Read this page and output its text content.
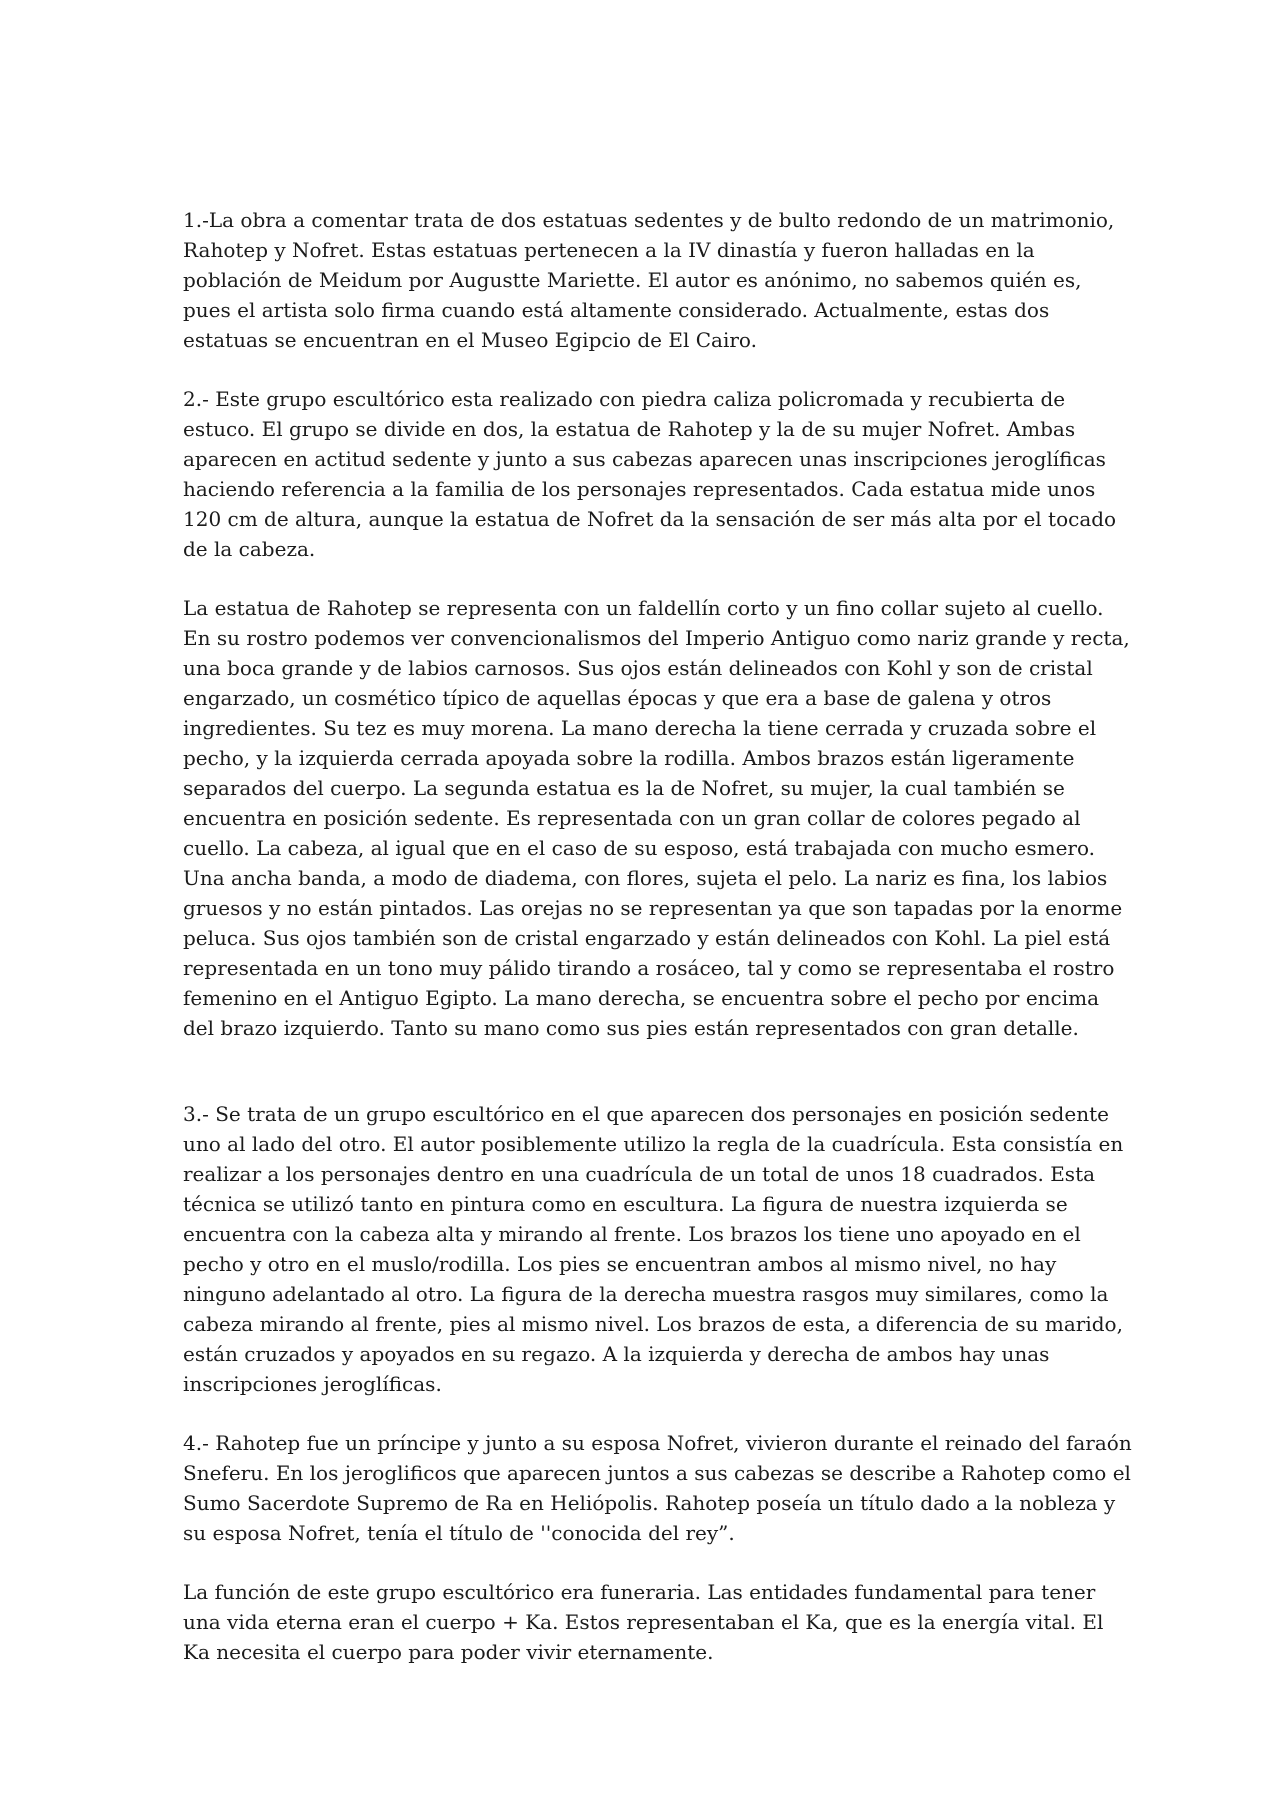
1.-La obra a comentar trata de dos estatuas sedentes y de bulto redondo de un matrimonio, Rahotep y Nofret. Estas estatuas pertenecen a la IV dinastía y fueron halladas en la población de Meidum por Augustte Mariette. El autor es anónimo, no sabemos quién es, pues el artista solo firma cuando está altamente considerado. Actualmente, estas dos estatuas se encuentran en el Museo Egipcio de El Cairo.

2.- Este grupo escultórico esta realizado con piedra caliza policromada y recubierta de estuco. El grupo se divide en dos, la estatua de Rahotep y la de su mujer Nofret. Ambas aparecen en actitud sedente y junto a sus cabezas aparecen unas inscripciones jeroglíficas haciendo referencia a la familia de los personajes representados. Cada estatua mide unos 120 cm de altura, aunque la estatua de Nofret da la sensación de ser más alta por el tocado de la cabeza.

La estatua de Rahotep se representa con un faldellín corto y un fino collar sujeto al cuello. En su rostro podemos ver convencionalismos del Imperio Antiguo como nariz grande y recta, una boca grande y de labios carnosos. Sus ojos están delineados con Kohl y son de cristal engarzado, un cosmético típico de aquellas épocas y que era a base de galena y otros ingredientes. Su tez es muy morena. La mano derecha la tiene cerrada y cruzada sobre el pecho, y la izquierda cerrada apoyada sobre la rodilla. Ambos brazos están ligeramente separados del cuerpo. La segunda estatua es la de Nofret, su mujer, la cual también se encuentra en posición sedente. Es representada con un gran collar de colores pegado al cuello. La cabeza, al igual que en el caso de su esposo, está trabajada con mucho esmero. Una ancha banda, a modo de diadema, con flores, sujeta el pelo. La nariz es fina, los labios gruesos y no están pintados. Las orejas no se representan ya que son tapadas por la enorme peluca. Sus ojos también son de cristal engarzado y están delineados con Kohl. La piel está representada en un tono muy pálido tirando a rosáceo, tal y como se representaba el rostro femenino en el Antiguo Egipto. La mano derecha, se encuentra sobre el pecho por encima del brazo izquierdo. Tanto su mano como sus pies están representados con gran detalle.

3.- Se trata de un grupo escultórico en el que aparecen dos personajes en posición sedente uno al lado del otro. El autor posiblemente utilizo la regla de la cuadrícula. Esta consistía en realizar a los personajes dentro en una cuadrícula de un total de unos 18 cuadrados. Esta técnica se utilizó tanto en pintura como en escultura. La figura de nuestra izquierda se encuentra con la cabeza alta y mirando al frente. Los brazos los tiene uno apoyado en el pecho y otro en el muslo/rodilla. Los pies se encuentran ambos al mismo nivel, no hay ninguno adelantado al otro. La figura de la derecha muestra rasgos muy similares, como la cabeza mirando al frente, pies al mismo nivel. Los brazos de esta, a diferencia de su marido, están cruzados y apoyados en su regazo. A la izquierda y derecha de ambos hay unas inscripciones jeroglíficas.

4.- Rahotep fue un príncipe y junto a su esposa Nofret, vivieron durante el reinado del faraón Sneferu. En los jeroglificos que aparecen juntos a sus cabezas se describe a Rahotep como el Sumo Sacerdote Supremo de Ra en Heliópolis. Rahotep poseía un título dado a la nobleza y su esposa Nofret, tenía el título de ''conocida del rey”.

La función de este grupo escultórico era funeraria. Las entidades fundamental para tener una vida eterna eran el cuerpo + Ka. Estos representaban el Ka, que es la energía vital. El Ka necesita el cuerpo para poder vivir eternamente.
